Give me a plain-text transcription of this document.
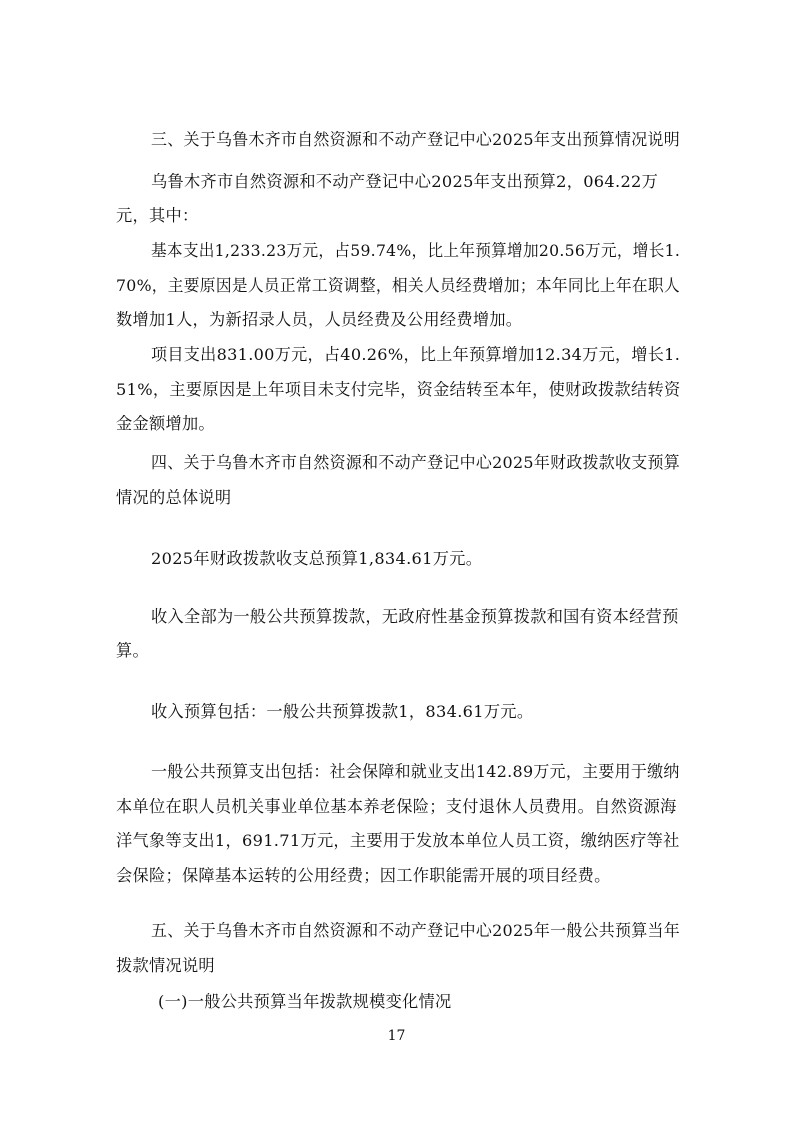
三、关于乌鲁木齐市自然资源和不动产登记中心2025年支出预算情况说明
乌鲁木齐市自然资源和不动产登记中心2025年支出预算2，064.22万
元，其中：
基本支出1,233.23万元，占59.74%，比上年预算增加20.56万元，增长1.
70%，主要原因是人员正常工资调整，相关人员经费增加；本年同比上年在职人
数增加1人，为新招录人员，人员经费及公用经费增加。
项目支出831.00万元，占40.26%，比上年预算增加12.34万元，增长1.
51%，主要原因是上年项目未支付完毕，资金结转至本年，使财政拨款结转资
金金额增加。
四、关于乌鲁木齐市自然资源和不动产登记中心2025年财政拨款收支预算
情况的总体说明
2025年财政拨款收支总预算1,834.61万元。
收入全部为一般公共预算拨款，无政府性基金预算拨款和国有资本经营预
算。
收入预算包括：一般公共预算拨款1，834.61万元。
一般公共预算支出包括：社会保障和就业支出142.89万元，主要用于缴纳
本单位在职人员机关事业单位基本养老保险；支付退休人员费用。自然资源海
洋气象等支出1，691.71万元，主要用于发放本单位人员工资，缴纳医疗等社
会保险；保障基本运转的公用经费；因工作职能需开展的项目经费。
五、关于乌鲁木齐市自然资源和不动产登记中心2025年一般公共预算当年
拨款情况说明
(一)一般公共预算当年拨款规模变化情况
17
